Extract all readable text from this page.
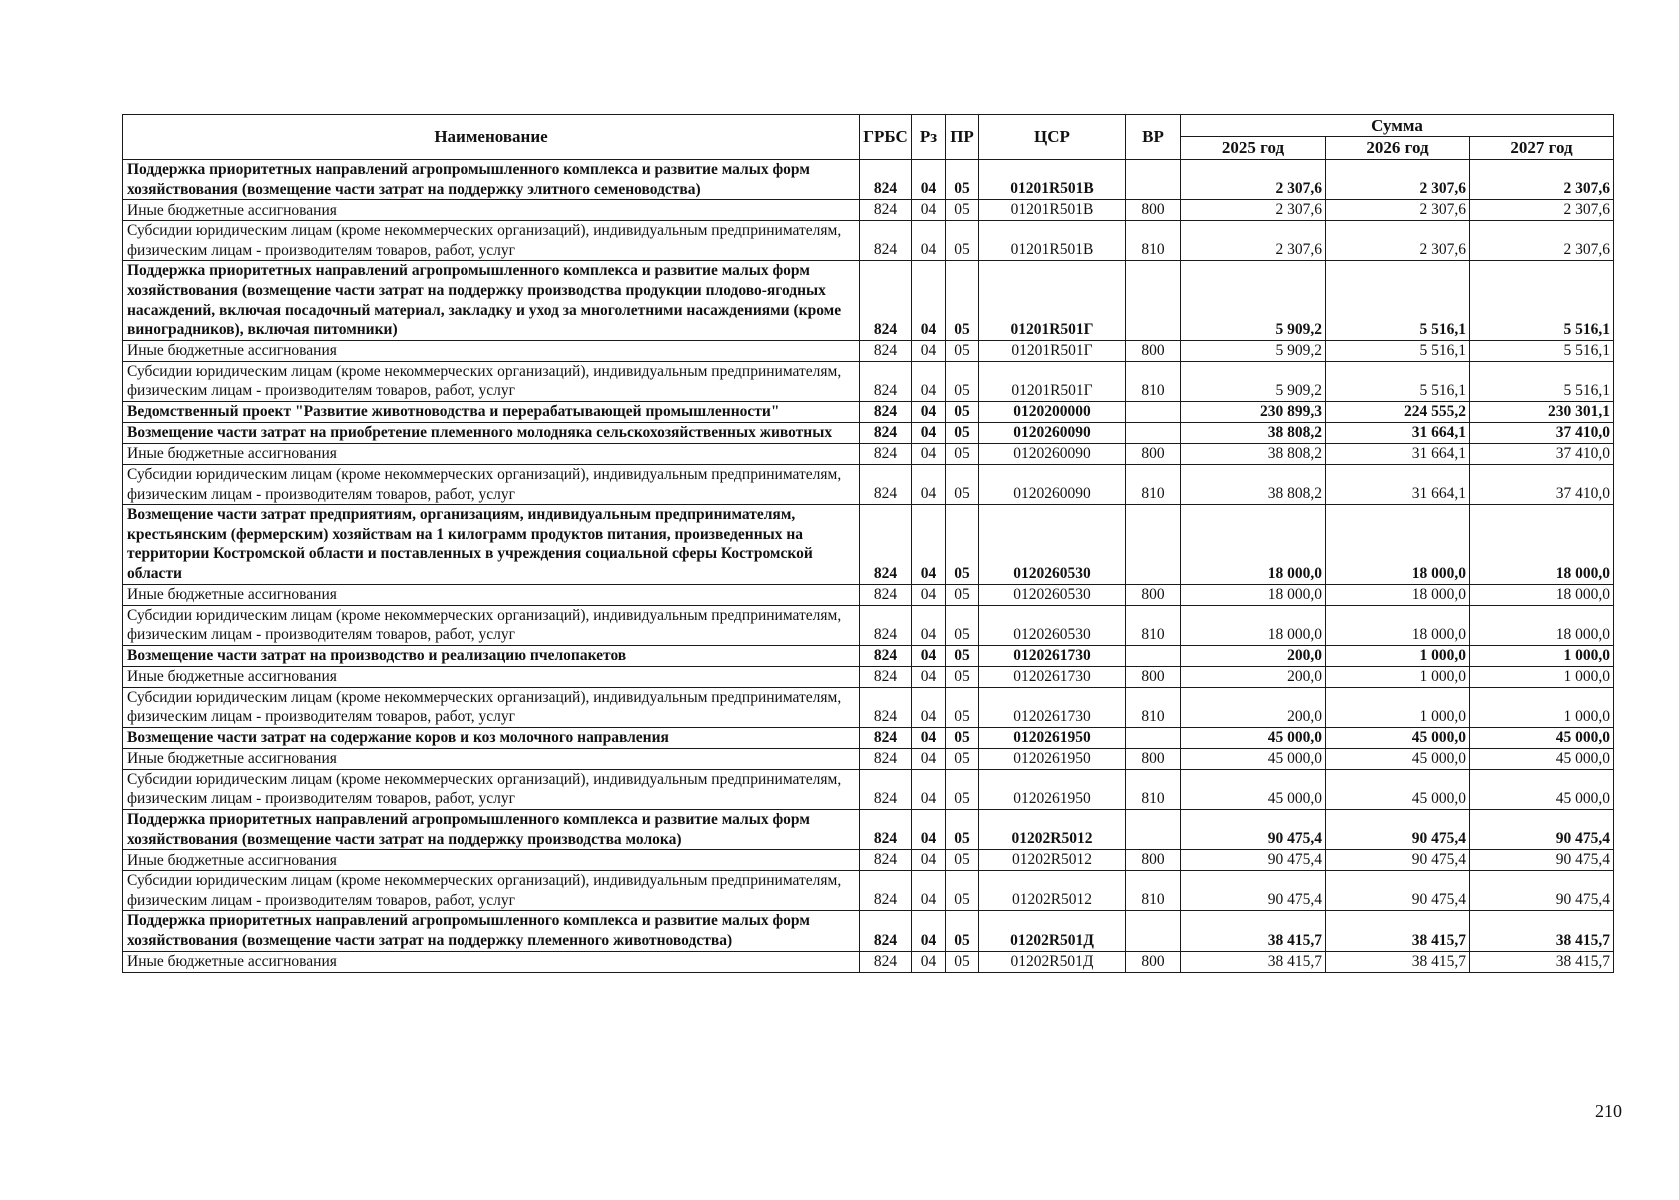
Наименование	ГРБС	Рз	ПР	ЦСР	ВР	Сумма		
						2025 год	2026 год	2027 год
Поддержка приоритетных направлений агропромышленного комплекса и развитие малых форм хозяйствования (возмещение части затрат на поддержку элитного семеноводства)	824	04	05	01201R501В		2 307,6	2 307,6	2 307,6
Иные бюджетные ассигнования	824	04	05	01201R501В	800	2 307,6	2 307,6	2 307,6
Субсидии юридическим лицам (кроме некоммерческих организаций), индивидуальным предпринимателям, физическим лицам - производителям товаров, работ, услуг	824	04	05	01201R501В	810	2 307,6	2 307,6	2 307,6
Поддержка приоритетных направлений агропромышленного комплекса и развитие малых форм хозяйствования (возмещение части затрат на поддержку производства продукции плодово-ягодных насаждений, включая посадочный материал, закладку и уход за многолетними насаждениями (кроме виноградников), включая питомники)	824	04	05	01201R501Г		5 909,2	5 516,1	5 516,1
Иные бюджетные ассигнования	824	04	05	01201R501Г	800	5 909,2	5 516,1	5 516,1
Субсидии юридическим лицам (кроме некоммерческих организаций), индивидуальным предпринимателям, физическим лицам - производителям товаров, работ, услуг	824	04	05	01201R501Г	810	5 909,2	5 516,1	5 516,1
Ведомственный проект "Развитие животноводства и перерабатывающей промышленности"	824	04	05	0120200000		230 899,3	224 555,2	230 301,1
Возмещение части затрат на приобретение племенного молодняка сельскохозяйственных животных	824	04	05	0120260090		38 808,2	31 664,1	37 410,0
Иные бюджетные ассигнования	824	04	05	0120260090	800	38 808,2	31 664,1	37 410,0
Субсидии юридическим лицам (кроме некоммерческих организаций), индивидуальным предпринимателям, физическим лицам - производителям товаров, работ, услуг	824	04	05	0120260090	810	38 808,2	31 664,1	37 410,0
Возмещение части затрат предприятиям, организациям, индивидуальным предпринимателям, крестьянским (фермерским) хозяйствам на 1 килограмм продуктов питания, произведенных на территории Костромской области и поставленных в учреждения социальной сферы Костромской области	824	04	05	0120260530		18 000,0	18 000,0	18 000,0
Иные бюджетные ассигнования	824	04	05	0120260530	800	18 000,0	18 000,0	18 000,0
Субсидии юридическим лицам (кроме некоммерческих организаций), индивидуальным предпринимателям, физическим лицам - производителям товаров, работ, услуг	824	04	05	0120260530	810	18 000,0	18 000,0	18 000,0
Возмещение части затрат на производство и реализацию пчелопакетов	824	04	05	0120261730		200,0	1 000,0	1 000,0
Иные бюджетные ассигнования	824	04	05	0120261730	800	200,0	1 000,0	1 000,0
Субсидии юридическим лицам (кроме некоммерческих организаций), индивидуальным предпринимателям, физическим лицам - производителям товаров, работ, услуг	824	04	05	0120261730	810	200,0	1 000,0	1 000,0
Возмещение части затрат на содержание коров и коз молочного направления	824	04	05	0120261950		45 000,0	45 000,0	45 000,0
Иные бюджетные ассигнования	824	04	05	0120261950	800	45 000,0	45 000,0	45 000,0
Субсидии юридическим лицам (кроме некоммерческих организаций), индивидуальным предпринимателям, физическим лицам - производителям товаров, работ, услуг	824	04	05	0120261950	810	45 000,0	45 000,0	45 000,0
Поддержка приоритетных направлений агропромышленного комплекса и развитие малых форм хозяйствования (возмещение части затрат на поддержку производства молока)	824	04	05	01202R5012		90 475,4	90 475,4	90 475,4
Иные бюджетные ассигнования	824	04	05	01202R5012	800	90 475,4	90 475,4	90 475,4
Субсидии юридическим лицам (кроме некоммерческих организаций), индивидуальным предпринимателям, физическим лицам - производителям товаров, работ, услуг	824	04	05	01202R5012	810	90 475,4	90 475,4	90 475,4
Поддержка приоритетных направлений агропромышленного комплекса и развитие малых форм хозяйствования (возмещение части затрат на поддержку племенного животноводства)	824	04	05	01202R501Д		38 415,7	38 415,7	38 415,7
Иные бюджетные ассигнования	824	04	05	01202R501Д	800	38 415,7	38 415,7	38 415,7
210
